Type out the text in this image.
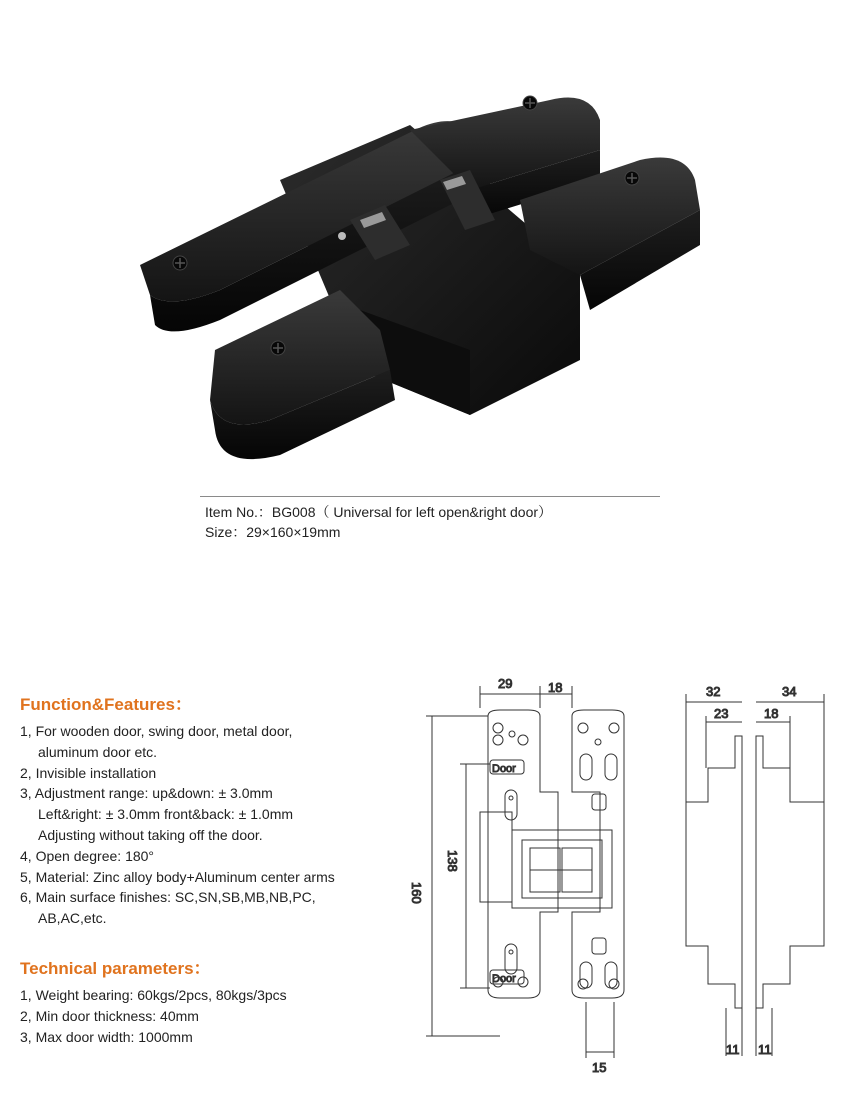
Item No.：BG008（ Universal for left open&right door）
Size：29×160×19mm
Function&Features：
1, For wooden door, swing door, metal door,
aluminum door etc.
2, Invisible installation
3, Adjustment range: up&down: ± 3.0mm
Left&right: ± 3.0mm front&back: ± 1.0mm
Adjusting without taking off the door.
4, Open degree: 180°
5, Material: Zinc alloy body+Aluminum center arms
6, Main surface finishes: SC,SN,SB,MB,NB,PC,
AB,AC,etc.
Technical parameters：
1, Weight bearing: 60kgs/2pcs, 80kgs/3pcs
2, Min door thickness: 40mm
3, Max door width: 1000mm
Door
Door
29	18
160
138
15
32
23
34
18
11 11
